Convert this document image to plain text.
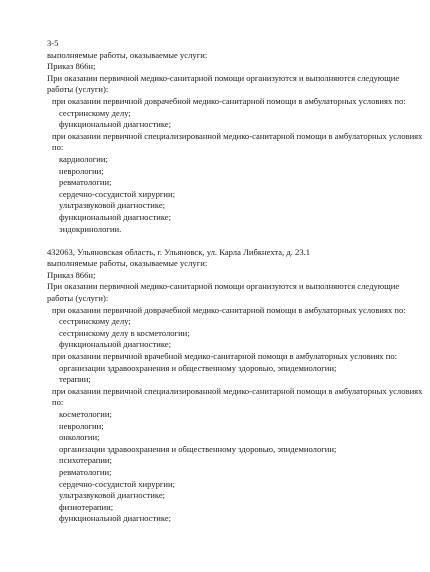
3-5
выполняемые работы, оказываемые услуги:
Приказ 866н;
При оказании первичной медико-санитарной помощи организуются и выполняются следующие работы (услуги):
при оказании первичной доврачебной медико-санитарной помощи в амбулаторных условиях по:
сестринскому делу;
функциональной диагностике;
при оказании первичной специализированной медико-санитарной помощи в амбулаторных условиях по:
кардиологии;
неврологии;
ревматологии;
сердечно-сосудистой хирургии;
ультразвуковой диагностике;
функциональной диагностике;
эндокринологии.
432063, Ульяновская область, г. Ульяновск, ул. Карла Либкнехта, д. 23.1
выполняемые работы, оказываемые услуги:
Приказ 866н;
При оказании первичной медико-санитарной помощи организуются и выполняются следующие работы (услуги):
при оказании первичной доврачебной медико-санитарной помощи в амбулаторных условиях по:
сестринскому делу;
сестринскому делу в косметологии;
функциональной диагностике;
при оказании первичной врачебной медико-санитарной помощи в амбулаторных условиях по:
организации здравоохранения и общественному здоровью, эпидемиологии;
терапии;
при оказании первичной специализированной медико-санитарной помощи в амбулаторных условиях по:
косметологии;
неврологии;
онкологии;
организации здравоохранения и общественному здоровью, эпидемиологии;
психотерапии;
ревматологии;
сердечно-сосудистой хирургии;
ультразвуковой диагностике;
физиотерапии;
функциональной диагностике;
